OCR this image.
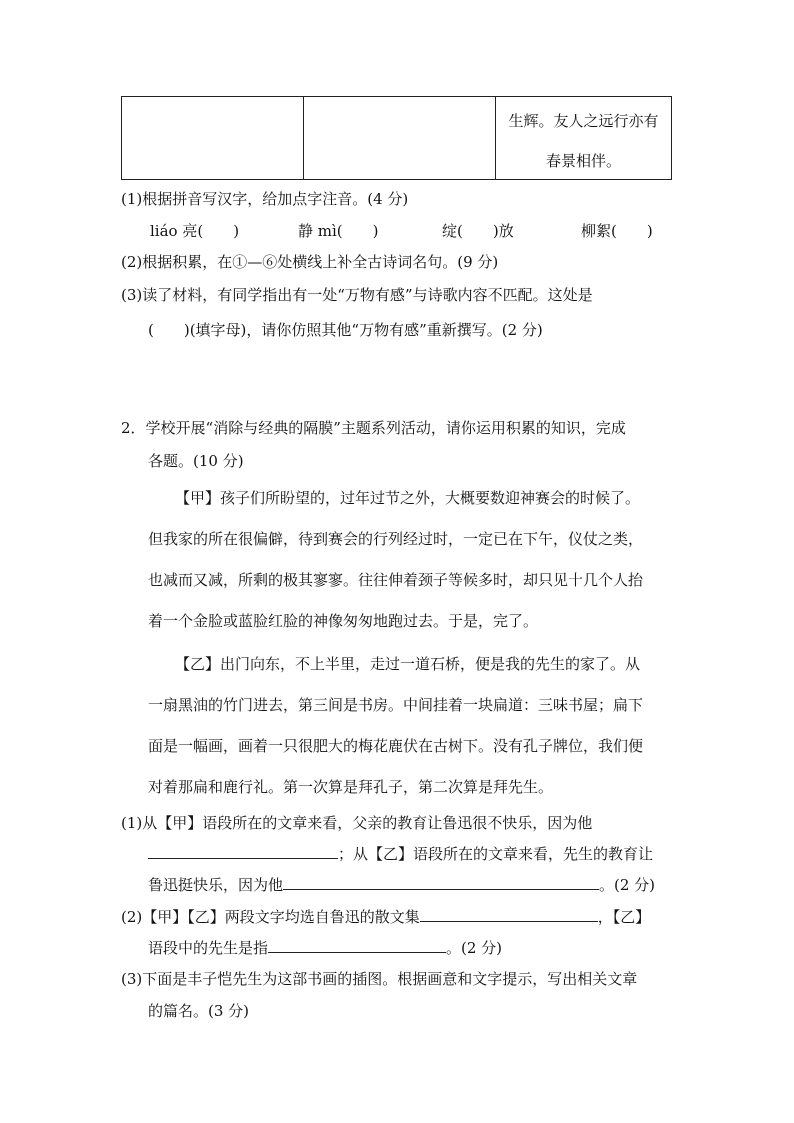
生辉。友人之远行亦有
春景相伴。
(1)根据拼音写汉字，给加点字注音。(4 分)
liáo 亮(　　)	静 mì(　　)	绽(　　)放	柳絮(　　)
(2)根据积累，在①—⑥处横线上补全古诗词名句。(9 分)
(3)读了材料，有同学指出有一处“万物有感”与诗歌内容不匹配。这处是
(　　)(填字母)，请你仿照其他“万物有感”重新撰写。(2 分)
2．学校开展“消除与经典的隔膜”主题系列活动，请你运用积累的知识，完成
各题。(10 分)
【甲】孩子们所盼望的，过年过节之外，大概要数迎神赛会的时候了。
但我家的所在很偏僻，待到赛会的行列经过时，一定已在下午，仪仗之类，
也减而又减，所剩的极其寥寥。往往伸着颈子等候多时，却只见十几个人抬
着一个金脸或蓝脸红脸的神像匆匆地跑过去。于是，完了。
【乙】出门向东，不上半里，走过一道石桥，便是我的先生的家了。从
一扇黑油的竹门进去，第三间是书房。中间挂着一块扁道：三味书屋；扁下
面是一幅画，画着一只很肥大的梅花鹿伏在古树下。没有孔子牌位，我们便
对着那扁和鹿行礼。第一次算是拜孔子，第二次算是拜先生。
(1)从【甲】语段所在的文章来看，父亲的教育让鲁迅很不快乐，因为他
；从【乙】语段所在的文章来看，先生的教育让
鲁迅挺快乐，因为他	。(2 分)
(2)【甲】【乙】两段文字均选自鲁迅的散文集	，【乙】
语段中的先生是指	。(2 分)
(3)下面是丰子恺先生为这部书画的插图。根据画意和文字提示，写出相关文章
的篇名。(3 分)
